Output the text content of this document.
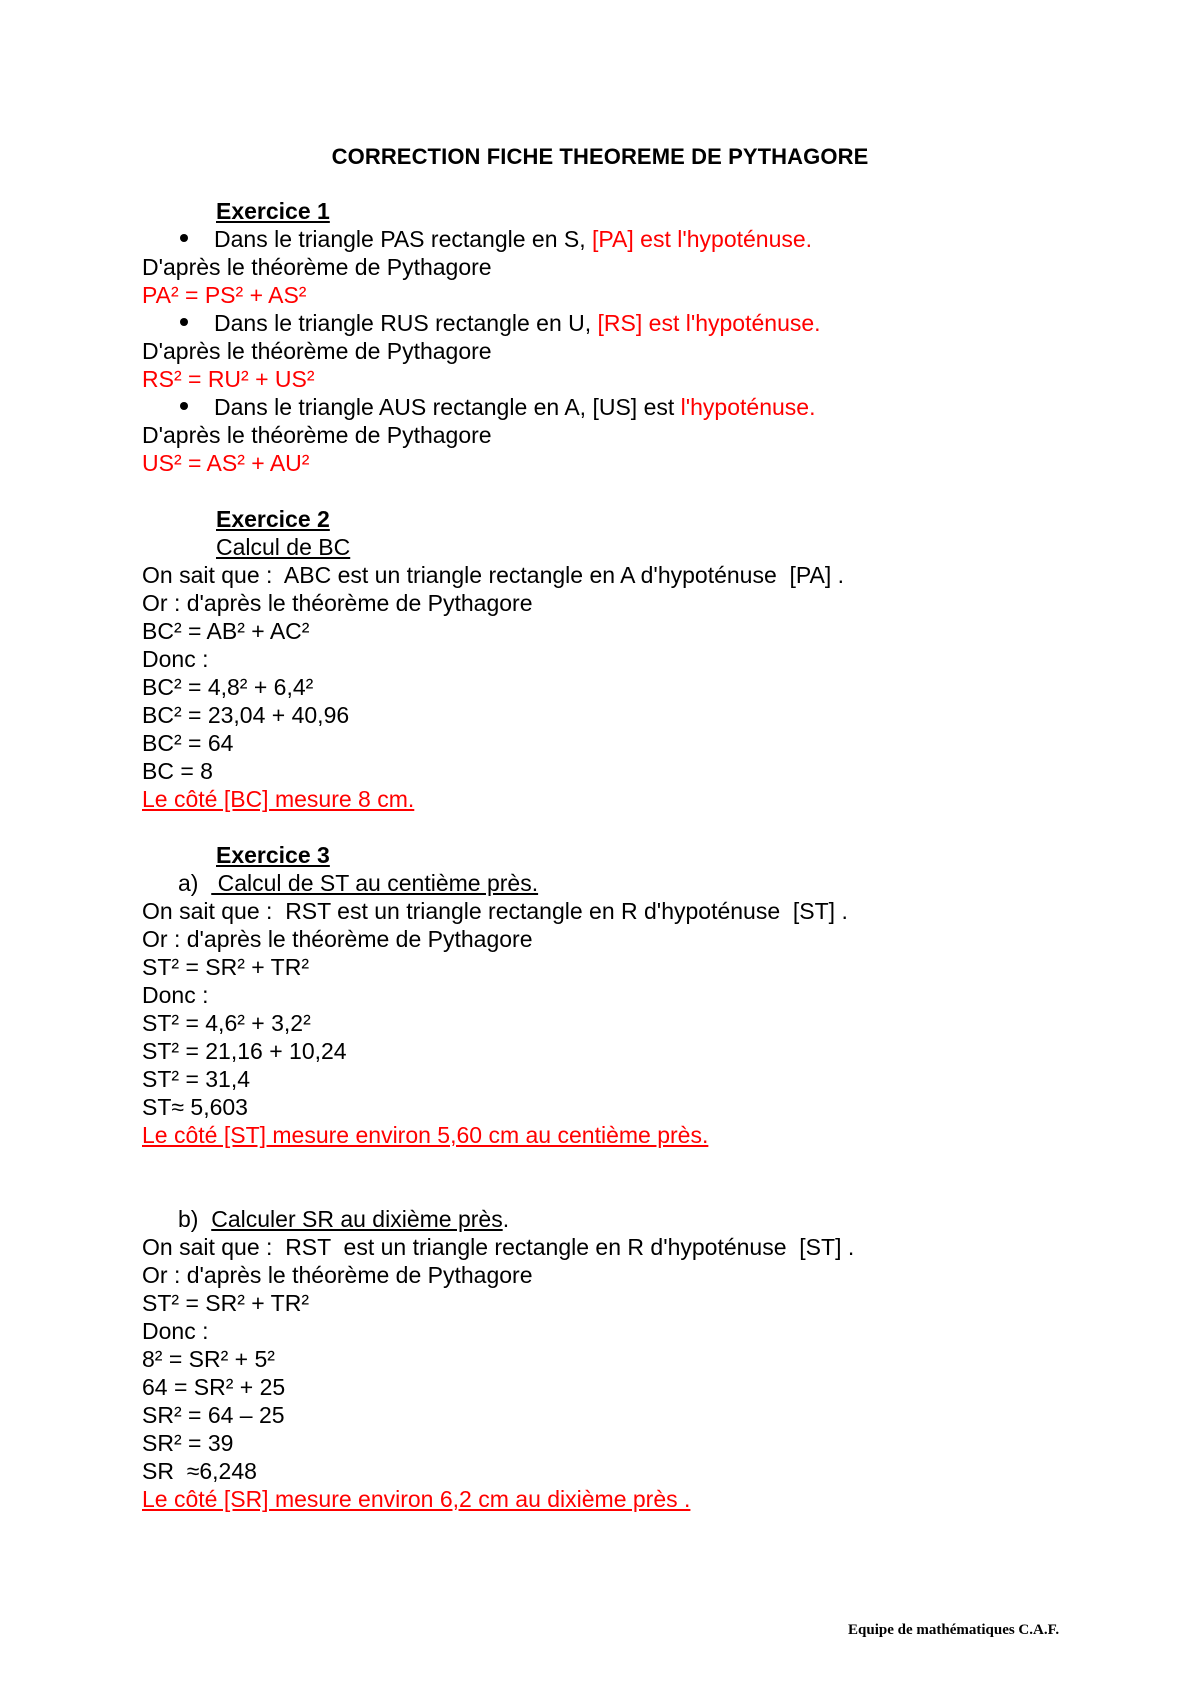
CORRECTION FICHE THEOREME DE PYTHAGORE
Exercice 1
Dans le triangle PAS rectangle en S, [PA] est l'hypoténuse.
D'après le théorème de Pythagore
PA² = PS² + AS²
Dans le triangle RUS rectangle en U, [RS] est l'hypoténuse.
D'après le théorème de Pythagore
RS² = RU² + US²
Dans le triangle AUS rectangle en A, [US] est l'hypoténuse.
D'après le théorème de Pythagore
US² = AS² + AU²
Exercice 2
Calcul de BC
On sait que :  ABC est un triangle rectangle en A d'hypoténuse  [PA] .
Or : d'après le théorème de Pythagore
BC² = AB² + AC²
Donc :
BC² = 4,8² + 6,4²
BC² = 23,04 + 40,96
BC² = 64
BC = 8
Le côté [BC] mesure 8 cm.
Exercice 3
a)   Calcul de ST au centième près.
On sait que :  RST est un triangle rectangle en R d'hypoténuse  [ST] .
Or : d'après le théorème de Pythagore
ST² = SR² + TR²
Donc :
ST² = 4,6² + 3,2²
ST² = 21,16 + 10,24
ST² = 31,4
ST≈ 5,603
Le côté [ST] mesure environ 5,60 cm au centième près.
b) Calculer SR au dixième près.
On sait que :  RST  est un triangle rectangle en R d'hypoténuse  [ST] .
Or : d'après le théorème de Pythagore
ST² = SR² + TR²
Donc :
8² = SR² + 5²
64 = SR² + 25
SR² = 64 – 25
SR² = 39
SR  ≈6,248
Le côté [SR] mesure environ 6,2 cm au dixième près .
Equipe de mathématiques C.A.F.
